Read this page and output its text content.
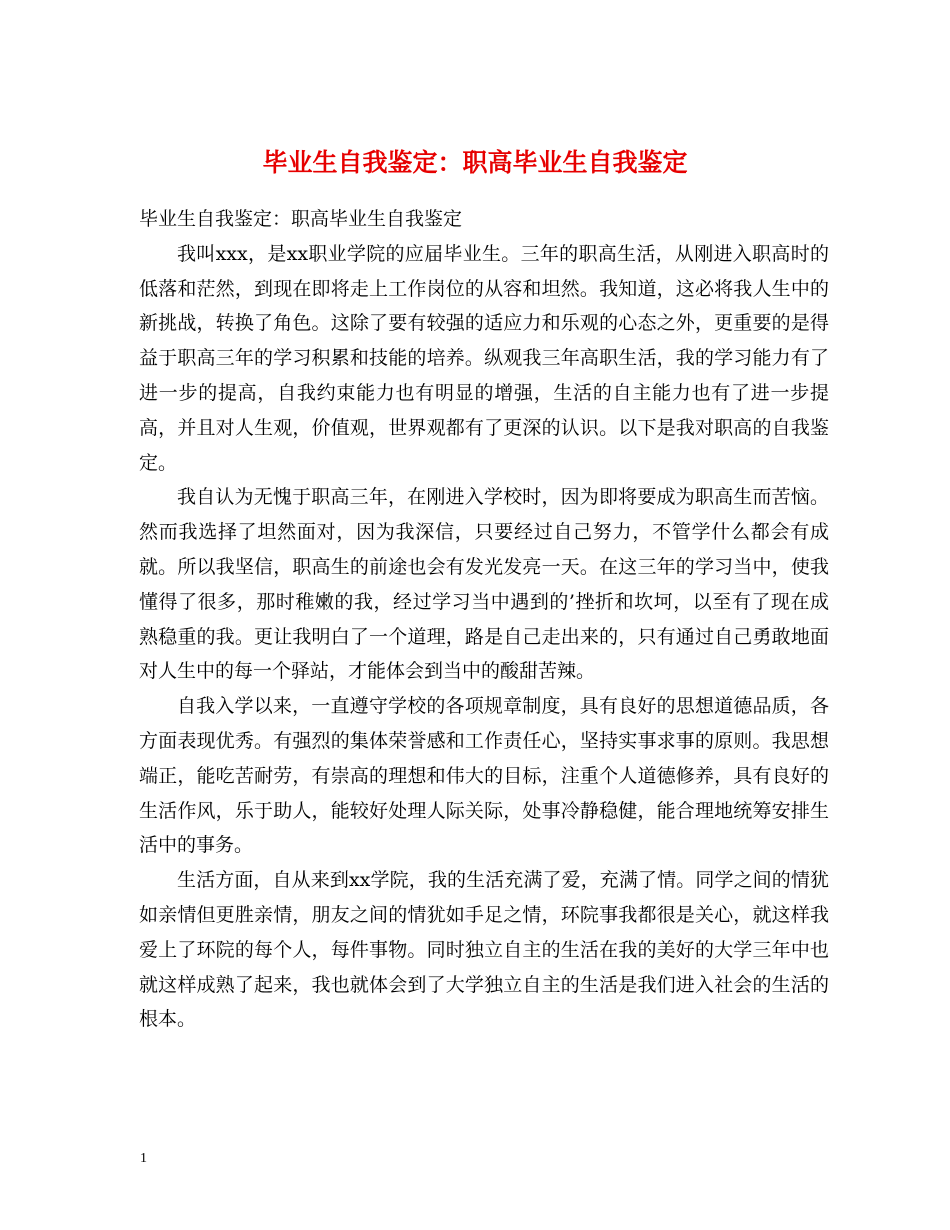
毕业生自我鉴定：职高毕业生自我鉴定

毕业生自我鉴定：职高毕业生自我鉴定

我叫xxx，是xx职业学院的应届毕业生。三年的职高生活，从刚进入职高时的低落和茫然，到现在即将走上工作岗位的从容和坦然。我知道，这必将我人生中的新挑战，转换了角色。这除了要有较强的适应力和乐观的心态之外，更重要的是得益于职高三年的学习积累和技能的培养。纵观我三年高职生活，我的学习能力有了进一步的提高，自我约束能力也有明显的增强，生活的自主能力也有了进一步提高，并且对人生观，价值观，世界观都有了更深的认识。以下是我对职高的自我鉴定。

我自认为无愧于职高三年，在刚进入学校时，因为即将要成为职高生而苦恼。然而我选择了坦然面对，因为我深信，只要经过自己努力，不管学什么都会有成就。所以我坚信，职高生的前途也会有发光发亮一天。在这三年的学习当中，使我懂得了很多，那时稚嫩的我，经过学习当中遇到的’挫折和坎坷，以至有了现在成熟稳重的我。更让我明白了一个道理，路是自己走出来的，只有通过自己勇敢地面对人生中的每一个驿站，才能体会到当中的酸甜苦辣。

自我入学以来，一直遵守学校的各项规章制度，具有良好的思想道德品质，各方面表现优秀。有强烈的集体荣誉感和工作责任心，坚持实事求事的原则。我思想端正，能吃苦耐劳，有崇高的理想和伟大的目标，注重个人道德修养，具有良好的生活作风，乐于助人，能较好处理人际关际，处事冷静稳健，能合理地统筹安排生活中的事务。

生活方面，自从来到xx学院，我的生活充满了爱，充满了情。同学之间的情犹如亲情但更胜亲情，朋友之间的情犹如手足之情，环院事我都很是关心，就这样我爱上了环院的每个人，每件事物。同时独立自主的生活在我的美好的大学三年中也就这样成熟了起来，我也就体会到了大学独立自主的生活是我们进入社会的生活的根本。

1
